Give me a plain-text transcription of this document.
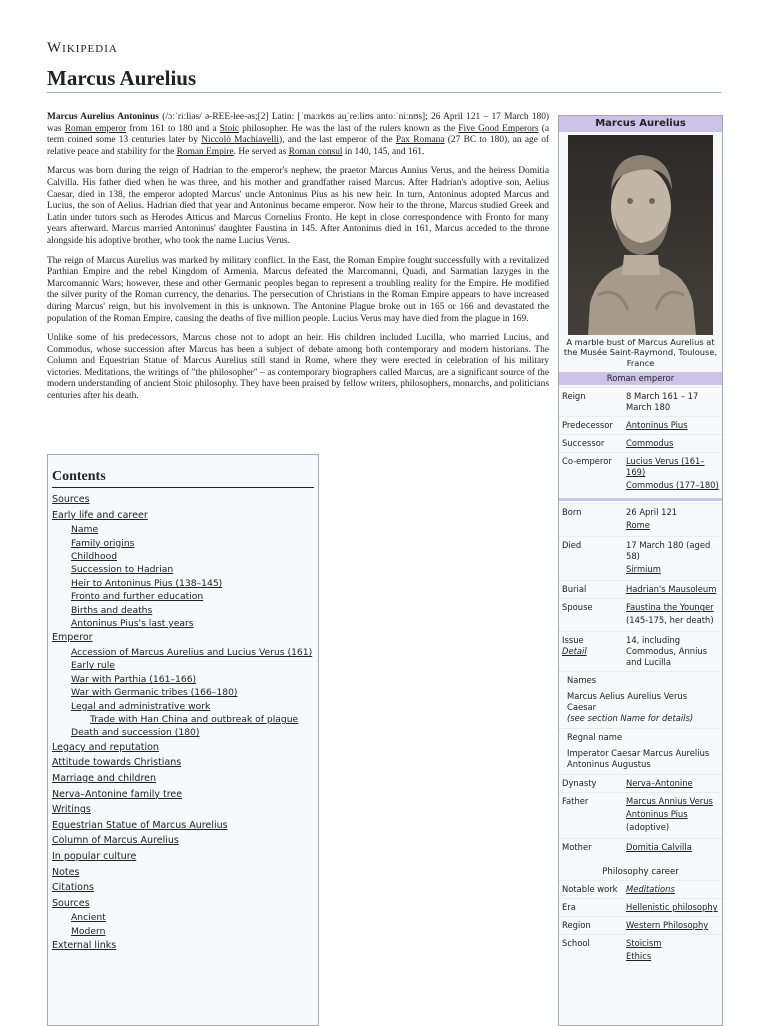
Wikipedia
Marcus Aurelius

Marcus Aurelius Antoninus (/ɔːˈriːliəs/ ə-REE-lee-əs;[2] Latin: [ˈmaːrkʊs au̯ˈreːliʊs antoːˈniːnʊs]; 26 April 121 – 17 March 180) was Roman emperor from 161 to 180 and a Stoic philosopher. He was the last of the rulers known as the Five Good Emperors (a term coined some 13 centuries later by Niccolò Machiavelli), and the last emperor of the Pax Romana (27 BC to 180), an age of relative peace and stability for the Roman Empire. He served as Roman consul in 140, 145, and 161.

Marcus was born during the reign of Hadrian to the emperor's nephew, the praetor Marcus Annius Verus, and the heiress Domitia Calvilla. His father died when he was three, and his mother and grandfather raised Marcus. After Hadrian's adoptive son, Aelius Caesar, died in 138, the emperor adopted Marcus' uncle Antoninus Pius as his new heir. In turn, Antoninus adopted Marcus and Lucius, the son of Aelius. Hadrian died that year and Antoninus became emperor. Now heir to the throne, Marcus studied Greek and Latin under tutors such as Herodes Atticus and Marcus Cornelius Fronto. He kept in close correspondence with Fronto for many years afterward. Marcus married Antoninus' daughter Faustina in 145. After Antoninus died in 161, Marcus acceded to the throne alongside his adoptive brother, who took the name Lucius Verus.

The reign of Marcus Aurelius was marked by military conflict. In the East, the Roman Empire fought successfully with a revitalized Parthian Empire and the rebel Kingdom of Armenia. Marcus defeated the Marcomanni, Quadi, and Sarmatian Iazyges in the Marcomannic Wars; however, these and other Germanic peoples began to represent a troubling reality for the Empire. He modified the silver purity of the Roman currency, the denarius. The persecution of Christians in the Roman Empire appears to have increased during Marcus' reign, but his involvement in this is unknown. The Antonine Plague broke out in 165 or 166 and devastated the population of the Roman Empire, causing the deaths of five million people. Lucius Verus may have died from the plague in 169.

Unlike some of his predecessors, Marcus chose not to adopt an heir. His children included Lucilla, who married Lucius, and Commodus, whose succession after Marcus has been a subject of debate among both contemporary and modern historians. The Column and Equestrian Statue of Marcus Aurelius still stand in Rome, where they were erected in celebration of his military victories. Meditations, the writings of "the philosopher" – as contemporary biographers called Marcus, are a significant source of the modern understanding of ancient Stoic philosophy. They have been praised by fellow writers, philosophers, monarchs, and politicians centuries after his death.

Contents
Sources
Early life and career
Name
Family origins
Childhood
Succession to Hadrian
Heir to Antoninus Pius (138–145)
Fronto and further education
Births and deaths
Antoninus Pius's last years
Emperor
Accession of Marcus Aurelius and Lucius Verus (161)
Early rule
War with Parthia (161–166)
War with Germanic tribes (166–180)
Legal and administrative work
Trade with Han China and outbreak of plague
Death and succession (180)
Legacy and reputation
Attitude towards Christians
Marriage and children
Nerva–Antonine family tree
Writings
Equestrian Statue of Marcus Aurelius
Column of Marcus Aurelius
In popular culture
Notes
Citations
Sources
Ancient
Modern
External links
Marcus Aurelius
A marble bust of Marcus Aurelius at the Musée Saint-Raymond, Toulouse, France
Roman emperor
Reign	8 March 161 – 17 March 180
Predecessor	Antoninus Pius
Successor	Commodus
Co-emperor	Lucius Verus (161–169)
Commodus (177–180)
Born	26 April 121
Rome
Died	17 March 180 (aged 58)
Sirmium
Burial	Hadrian's Mausoleum
Spouse	Faustina the Younger
(145-175, her death)
Issue
Detail
14, including Commodus, Annius and Lucilla
Names
Marcus Aelius Aurelius Verus Caesar
(see section Name for details)
Regnal name
Imperator Caesar Marcus Aurelius Antoninus Augustus
Dynasty	Nerva–Antonine
Father	Marcus Annius Verus
Antoninus Pius
(adoptive)
Mother	Domitia Calvilla
Philosophy career
Notable work	Meditations
Era	Hellenistic philosophy
Region	Western Philosophy
School	Stoicism
Ethics
